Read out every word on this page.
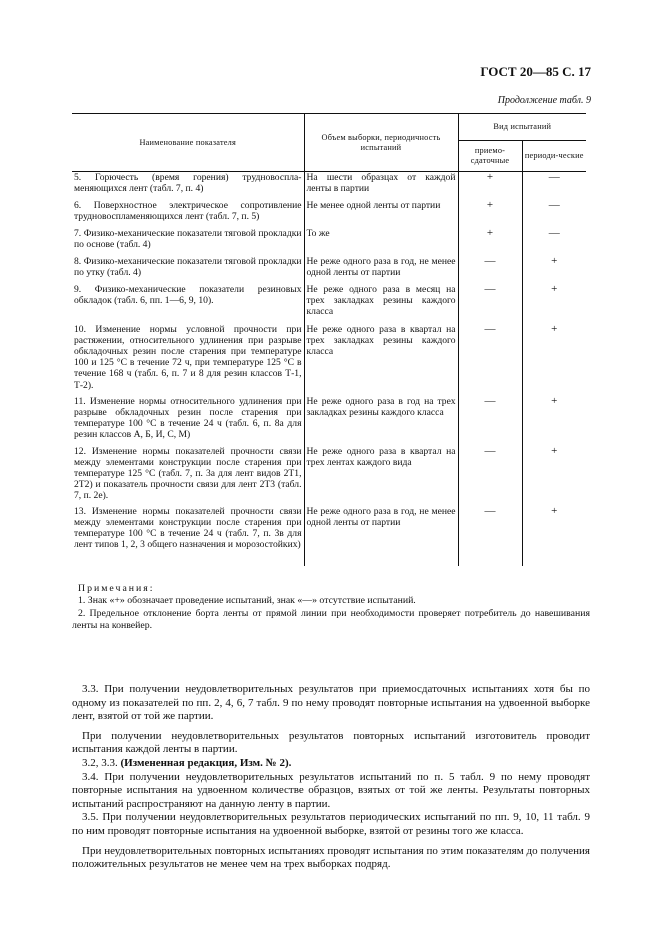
ГОСТ 20—85 С. 17
Продолжение табл. 9
Наименование показателя	Объем выборки, периодичность испытаний	Вид испытаний	
		приемо-сдаточные	периоди-ческие
5. Горючесть (время горения) трудновоспламеняющихся лент (табл. 7, п. 4)	На шести образцах от каждой ленты в партии	+	—
6. Поверхностное электрическое сопротивление трудновоспламеняющихся лент (табл. 7, п. 5)	Не менее одной ленты от партии	+	—
7. Физико-механические показатели тяговой прокладки по основе (табл. 4)	То же	+	—
8. Физико-механические показатели тяговой прокладки по утку (табл. 4)	Не реже одного раза в год, не менее одной ленты от партии	—	+
9. Физико-механические показатели резиновых обкладок (табл. 6, пп. 1—6, 9, 10).	Не реже одного раза в месяц на трех закладках резины каждого класса	—	+
10. Изменение нормы условной прочности при растяжении, относительного удлинения при разрыве обкладочных резин после старения при температуре 100 и 125 °С в течение 72 ч, при температуре 125 °С в течение 168 ч (табл. 6, п. 7 и 8 для резин классов Т-1, Т-2).	Не реже одного раза в квартал на трех закладках резины каждого класса	—	+
11. Изменение нормы относительного удлинения при разрыве обкладочных резин после старения при температуре 100 °С в течение 24 ч (табл. 6, п. 8а для резин классов А, Б, И, С, М)	Не реже одного раза в год на трех закладках резины каждого класса	—	+
12. Изменение нормы показателей прочности связи между элементами конструкции после старения при температуре 125 °С (табл. 7, п. 3а для лент видов 2Т1, 2Т2) и показатель прочности связи для лент 2Т3 (табл. 7, п. 2е).	Не реже одного раза в квартал на трех лентах каждого вида	—	+
13. Изменение нормы показателей прочности связи между элементами конструкции после старения при температуре 100 °С в течение 24 ч (табл. 7, п. 3в для лент типов 1, 2, 3 общего назначения и морозостойких)	Не реже одного раза в год, не менее одной ленты от партии	—	+
Примечания:

1. Знак «+» обозначает проведение испытаний, знак «—» отсутствие испытаний.

2. Предельное отклонение борта ленты от прямой линии при необходимости проверяет потребитель до навешивания ленты на конвейер.

3.3. При получении неудовлетворительных результатов при приемосдаточных испытаниях хотя бы по одному из показателей по пп. 2, 4, 6, 7 табл. 9 по нему проводят повторные испытания на удвоенной выборке лент, взятой от той же партии.

При получении неудовлетворительных результатов повторных испытаний изготовитель проводит испытания каждой ленты в партии.

3.2, 3.3. (Измененная редакция, Изм. № 2).

3.4. При получении неудовлетворительных результатов испытаний по п. 5 табл. 9 по нему проводят повторные испытания на удвоенном количестве образцов, взятых от той же ленты. Результаты повторных испытаний распространяют на данную ленту в партии.

3.5. При получении неудовлетворительных результатов периодических испытаний по пп. 9, 10, 11 табл. 9 по ним проводят повторные испытания на удвоенной выборке, взятой от резины того же класса.

При неудовлетворительных повторных испытаниях проводят испытания по этим показателям до получения положительных результатов не менее чем на трех выборках подряд.
